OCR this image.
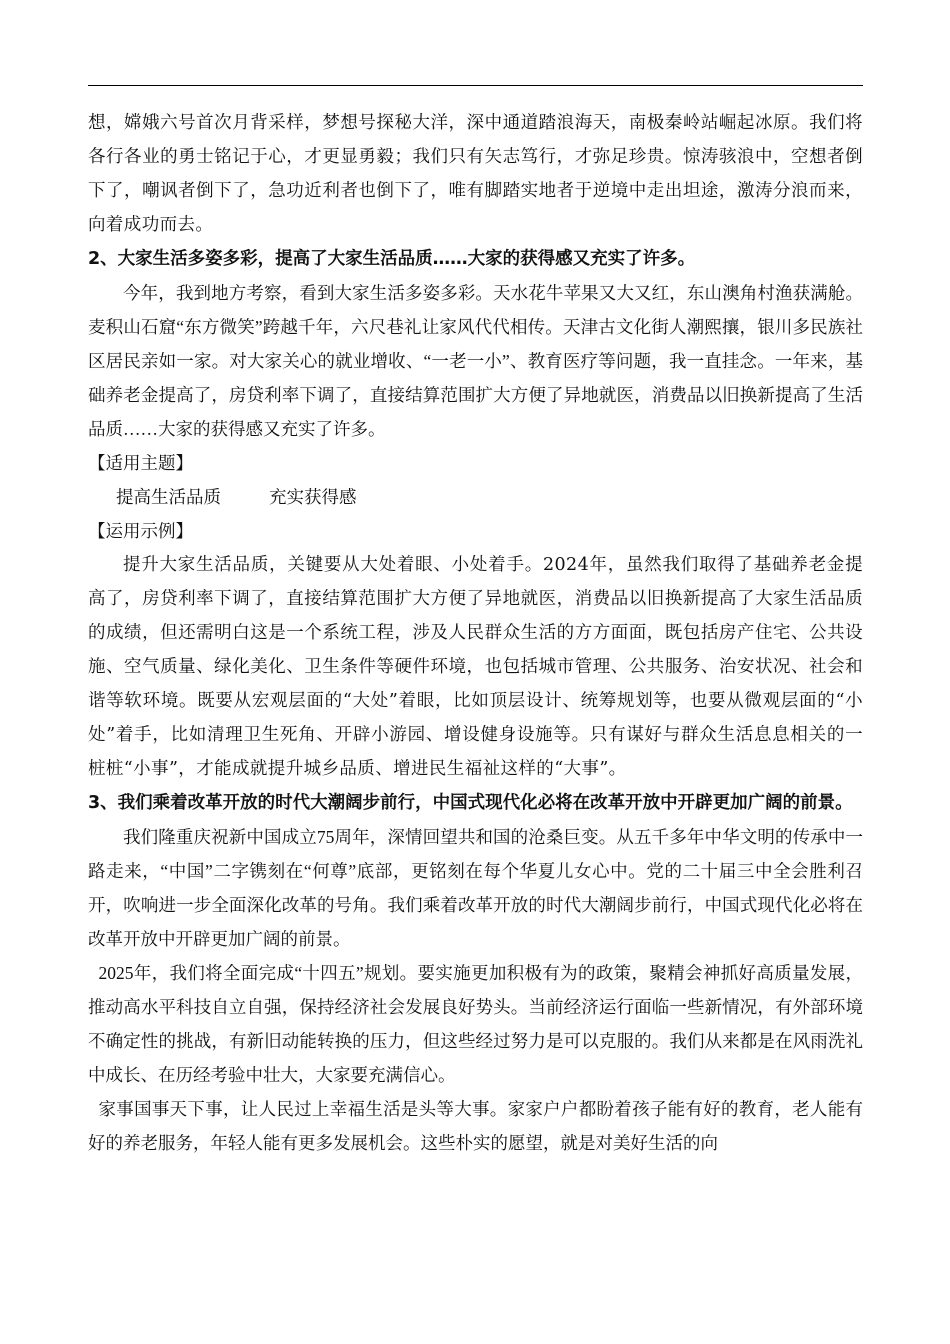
想，嫦娥六号首次月背采样，梦想号探秘大洋，深中通道踏浪海天，南极秦岭站崛起冰原。我们将各行各业的勇士铭记于心，才更显勇毅；我们只有矢志笃行，才弥足珍贵。惊涛骇浪中，空想者倒下了，嘲讽者倒下了，急功近利者也倒下了，唯有脚踏实地者于逆境中走出坦途，激涛分浪而来，向着成功而去。

2、大家生活多姿多彩，提高了大家生活品质……大家的获得感又充实了许多。

今年，我到地方考察，看到大家生活多姿多彩。天水花牛苹果又大又红，东山澳角村渔获满舱。麦积山石窟“东方微笑”跨越千年，六尺巷礼让家风代代相传。天津古文化街人潮熙攘，银川多民族社区居民亲如一家。对大家关心的就业增收、“一老一小”、教育医疗等问题，我一直挂念。一年来，基础养老金提高了，房贷利率下调了，直接结算范围扩大方便了异地就医，消费品以旧换新提高了生活品质……大家的获得感又充实了许多。

【适用主题】

提高生活品质	充实获得感

【运用示例】

提升大家生活品质，关键要从大处着眼、小处着手。2024年，虽然我们取得了基础养老金提高了，房贷利率下调了，直接结算范围扩大方便了异地就医，消费品以旧换新提高了大家生活品质的成绩，但还需明白这是一个系统工程，涉及人民群众生活的方方面面，既包括房产住宅、公共设施、空气质量、绿化美化、卫生条件等硬件环境，也包括城市管理、公共服务、治安状况、社会和谐等软环境。既要从宏观层面的“大处”着眼，比如顶层设计、统筹规划等，也要从微观层面的“小处”着手，比如清理卫生死角、开辟小游园、增设健身设施等。只有谋好与群众生活息息相关的一桩桩“小事”，才能成就提升城乡品质、增进民生福祉这样的“大事”。

3、我们乘着改革开放的时代大潮阔步前行，中国式现代化必将在改革开放中开辟更加广阔的前景。

我们隆重庆祝新中国成立75周年，深情回望共和国的沧桑巨变。从五千多年中华文明的传承中一路走来，“中国”二字镌刻在“何尊”底部，更铭刻在每个华夏儿女心中。党的二十届三中全会胜利召开，吹响进一步全面深化改革的号角。我们乘着改革开放的时代大潮阔步前行，中国式现代化必将在改革开放中开辟更加广阔的前景。

2025年，我们将全面完成“十四五”规划。要实施更加积极有为的政策，聚精会神抓好高质量发展，推动高水平科技自立自强，保持经济社会发展良好势头。当前经济运行面临一些新情况，有外部环境不确定性的挑战，有新旧动能转换的压力，但这些经过努力是可以克服的。我们从来都是在风雨洗礼中成长、在历经考验中壮大，大家要充满信心。

家事国事天下事，让人民过上幸福生活是头等大事。家家户户都盼着孩子能有好的教育，老人能有好的养老服务，年轻人能有更多发展机会。这些朴实的愿望，就是对美好生活的向
